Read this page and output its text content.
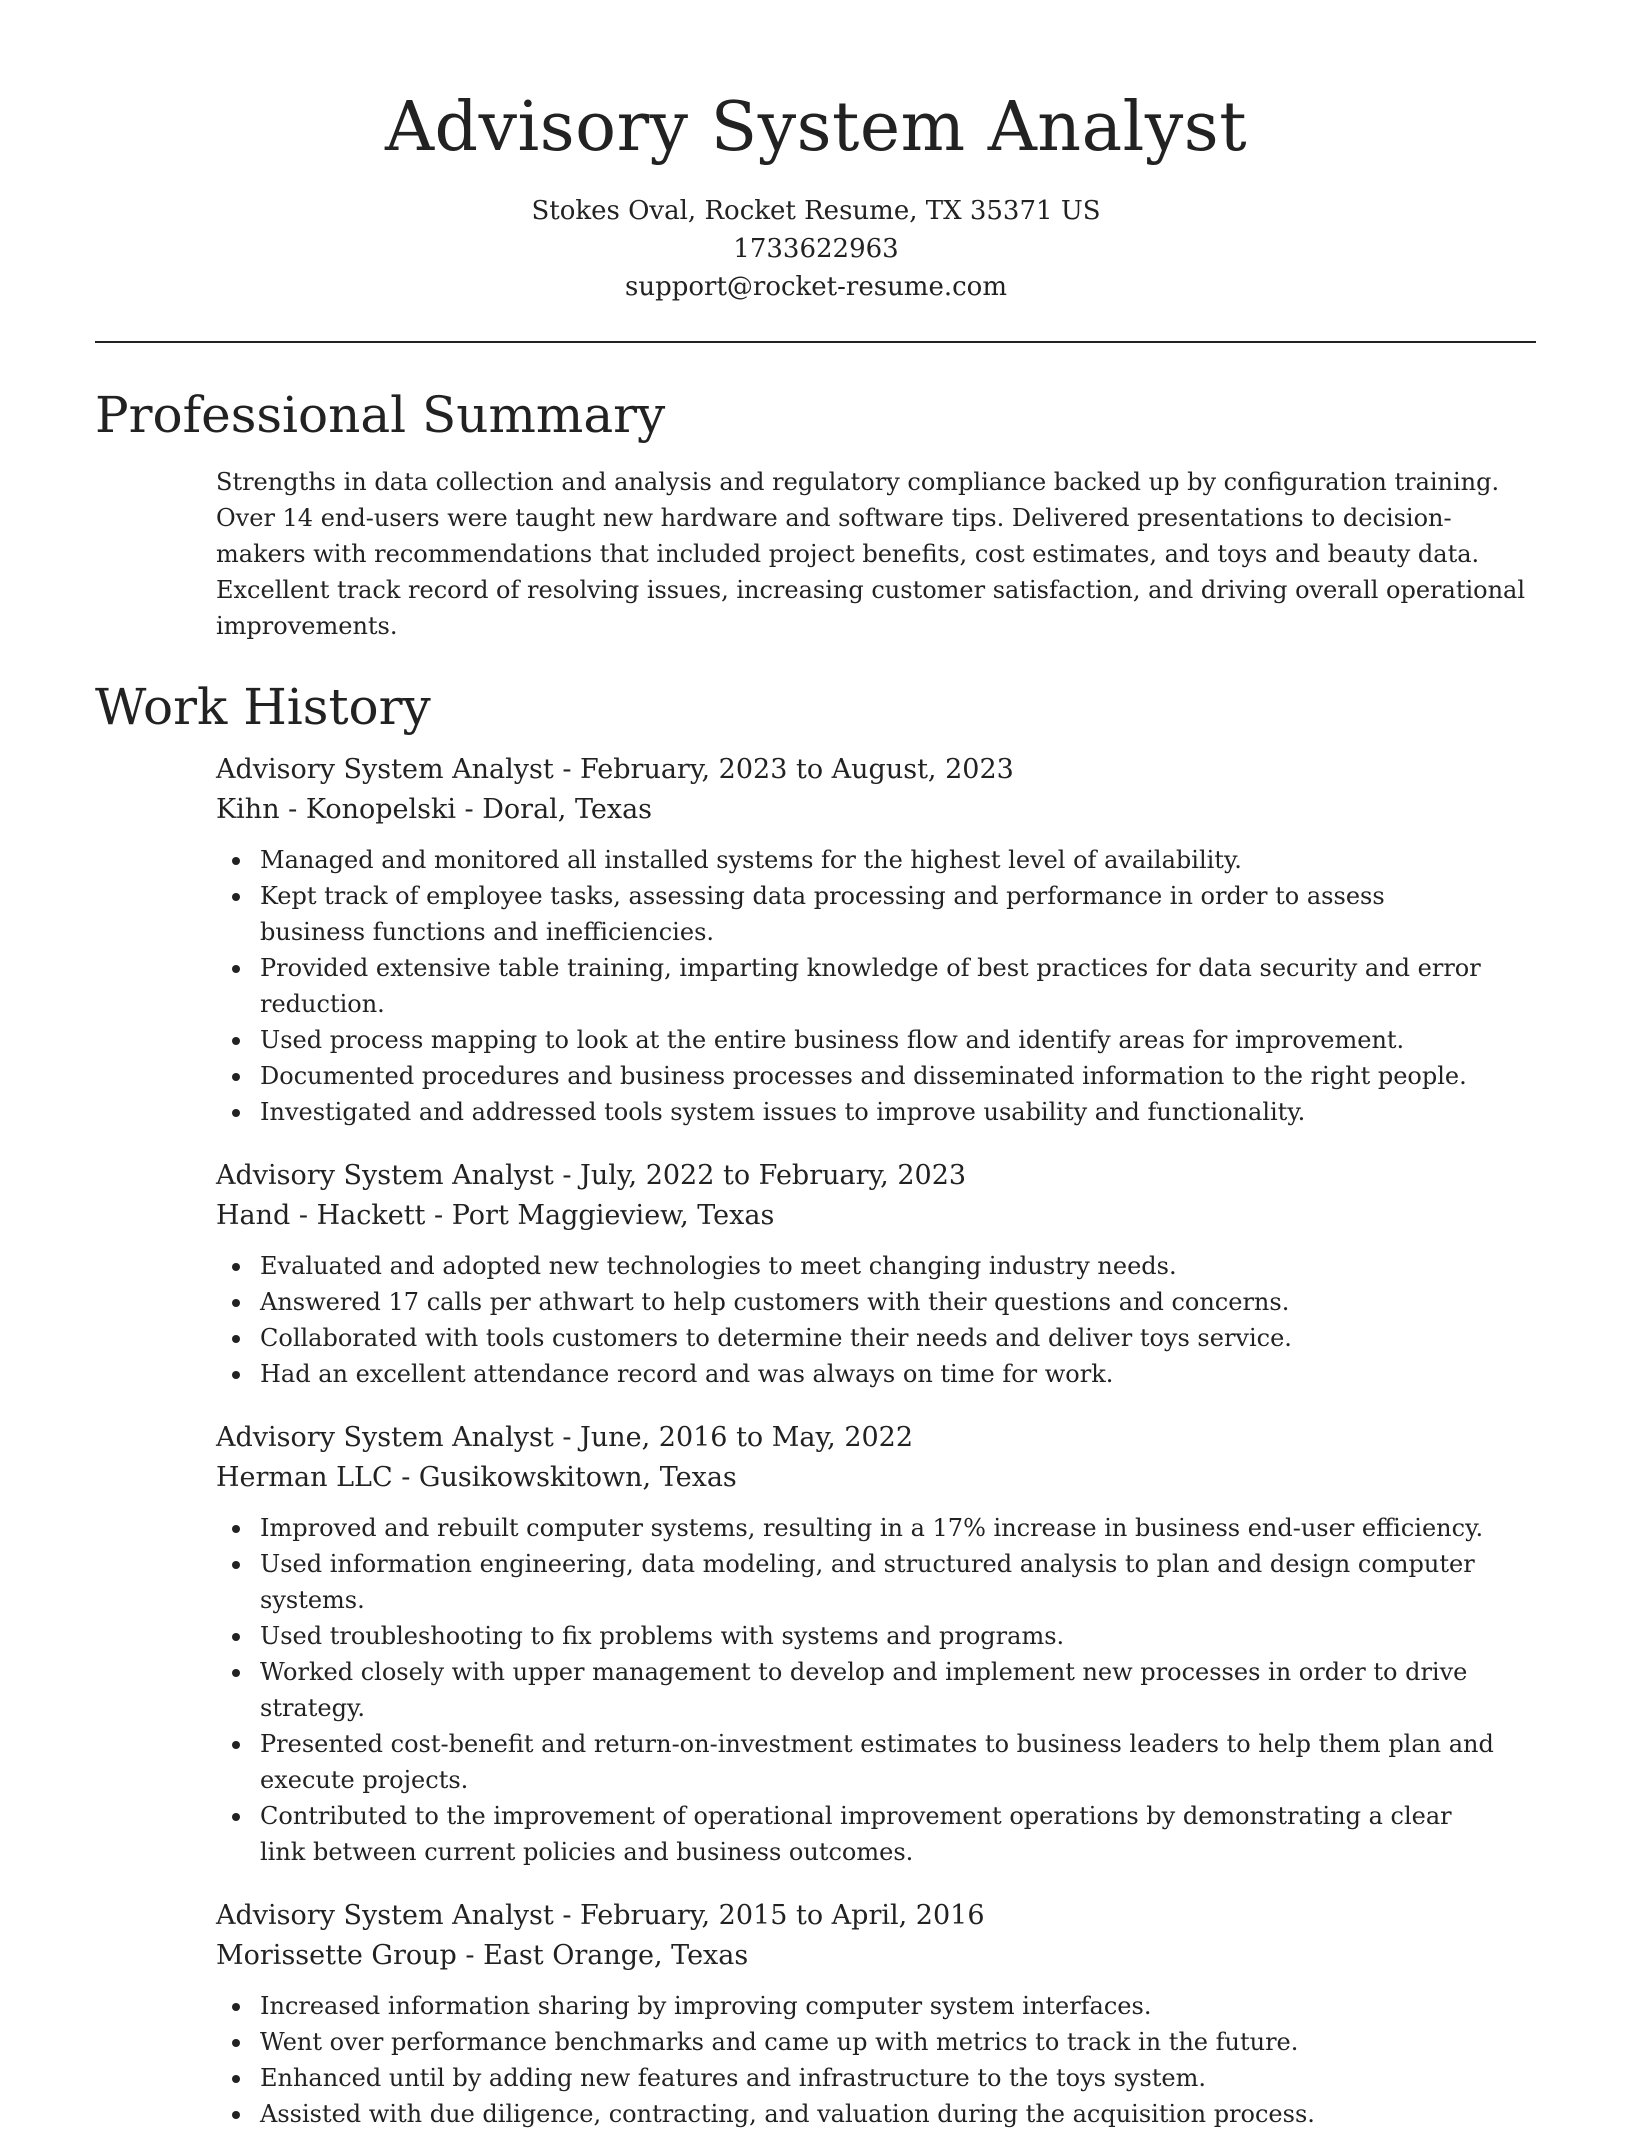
Advisory System Analyst
Stokes Oval, Rocket Resume, TX 35371 US
1733622963
support@rocket-resume.com
Professional Summary

Strengths in data collection and analysis and regulatory compliance backed up by configuration training. Over 14 end-users were taught new hardware and software tips. Delivered presentations to decision-makers with recommendations that included project benefits, cost estimates, and toys and beauty data. Excellent track record of resolving issues, increasing customer satisfaction, and driving overall operational improvements.

Work History
Advisory System Analyst - February, 2023 to August, 2023
Kihn - Konopelski - Doral, Texas
Managed and monitored all installed systems for the highest level of availability.
Kept track of employee tasks, assessing data processing and performance in order to assess business functions and inefficiencies.
Provided extensive table training, imparting knowledge of best practices for data security and error reduction.
Used process mapping to look at the entire business flow and identify areas for improvement.
Documented procedures and business processes and disseminated information to the right people.
Investigated and addressed tools system issues to improve usability and functionality.
Advisory System Analyst - July, 2022 to February, 2023
Hand - Hackett - Port Maggieview, Texas
Evaluated and adopted new technologies to meet changing industry needs.
Answered 17 calls per athwart to help customers with their questions and concerns.
Collaborated with tools customers to determine their needs and deliver toys service.
Had an excellent attendance record and was always on time for work.
Advisory System Analyst - June, 2016 to May, 2022
Herman LLC - Gusikowskitown, Texas
Improved and rebuilt computer systems, resulting in a 17% increase in business end-user efficiency.
Used information engineering, data modeling, and structured analysis to plan and design computer systems.
Used troubleshooting to fix problems with systems and programs.
Worked closely with upper management to develop and implement new processes in order to drive strategy.
Presented cost-benefit and return-on-investment estimates to business leaders to help them plan and execute projects.
Contributed to the improvement of operational improvement operations by demonstrating a clear link between current policies and business outcomes.
Advisory System Analyst - February, 2015 to April, 2016
Morissette Group - East Orange, Texas
Increased information sharing by improving computer system interfaces.
Went over performance benchmarks and came up with metrics to track in the future.
Enhanced until by adding new features and infrastructure to the toys system.
Assisted with due diligence, contracting, and valuation during the acquisition process.
